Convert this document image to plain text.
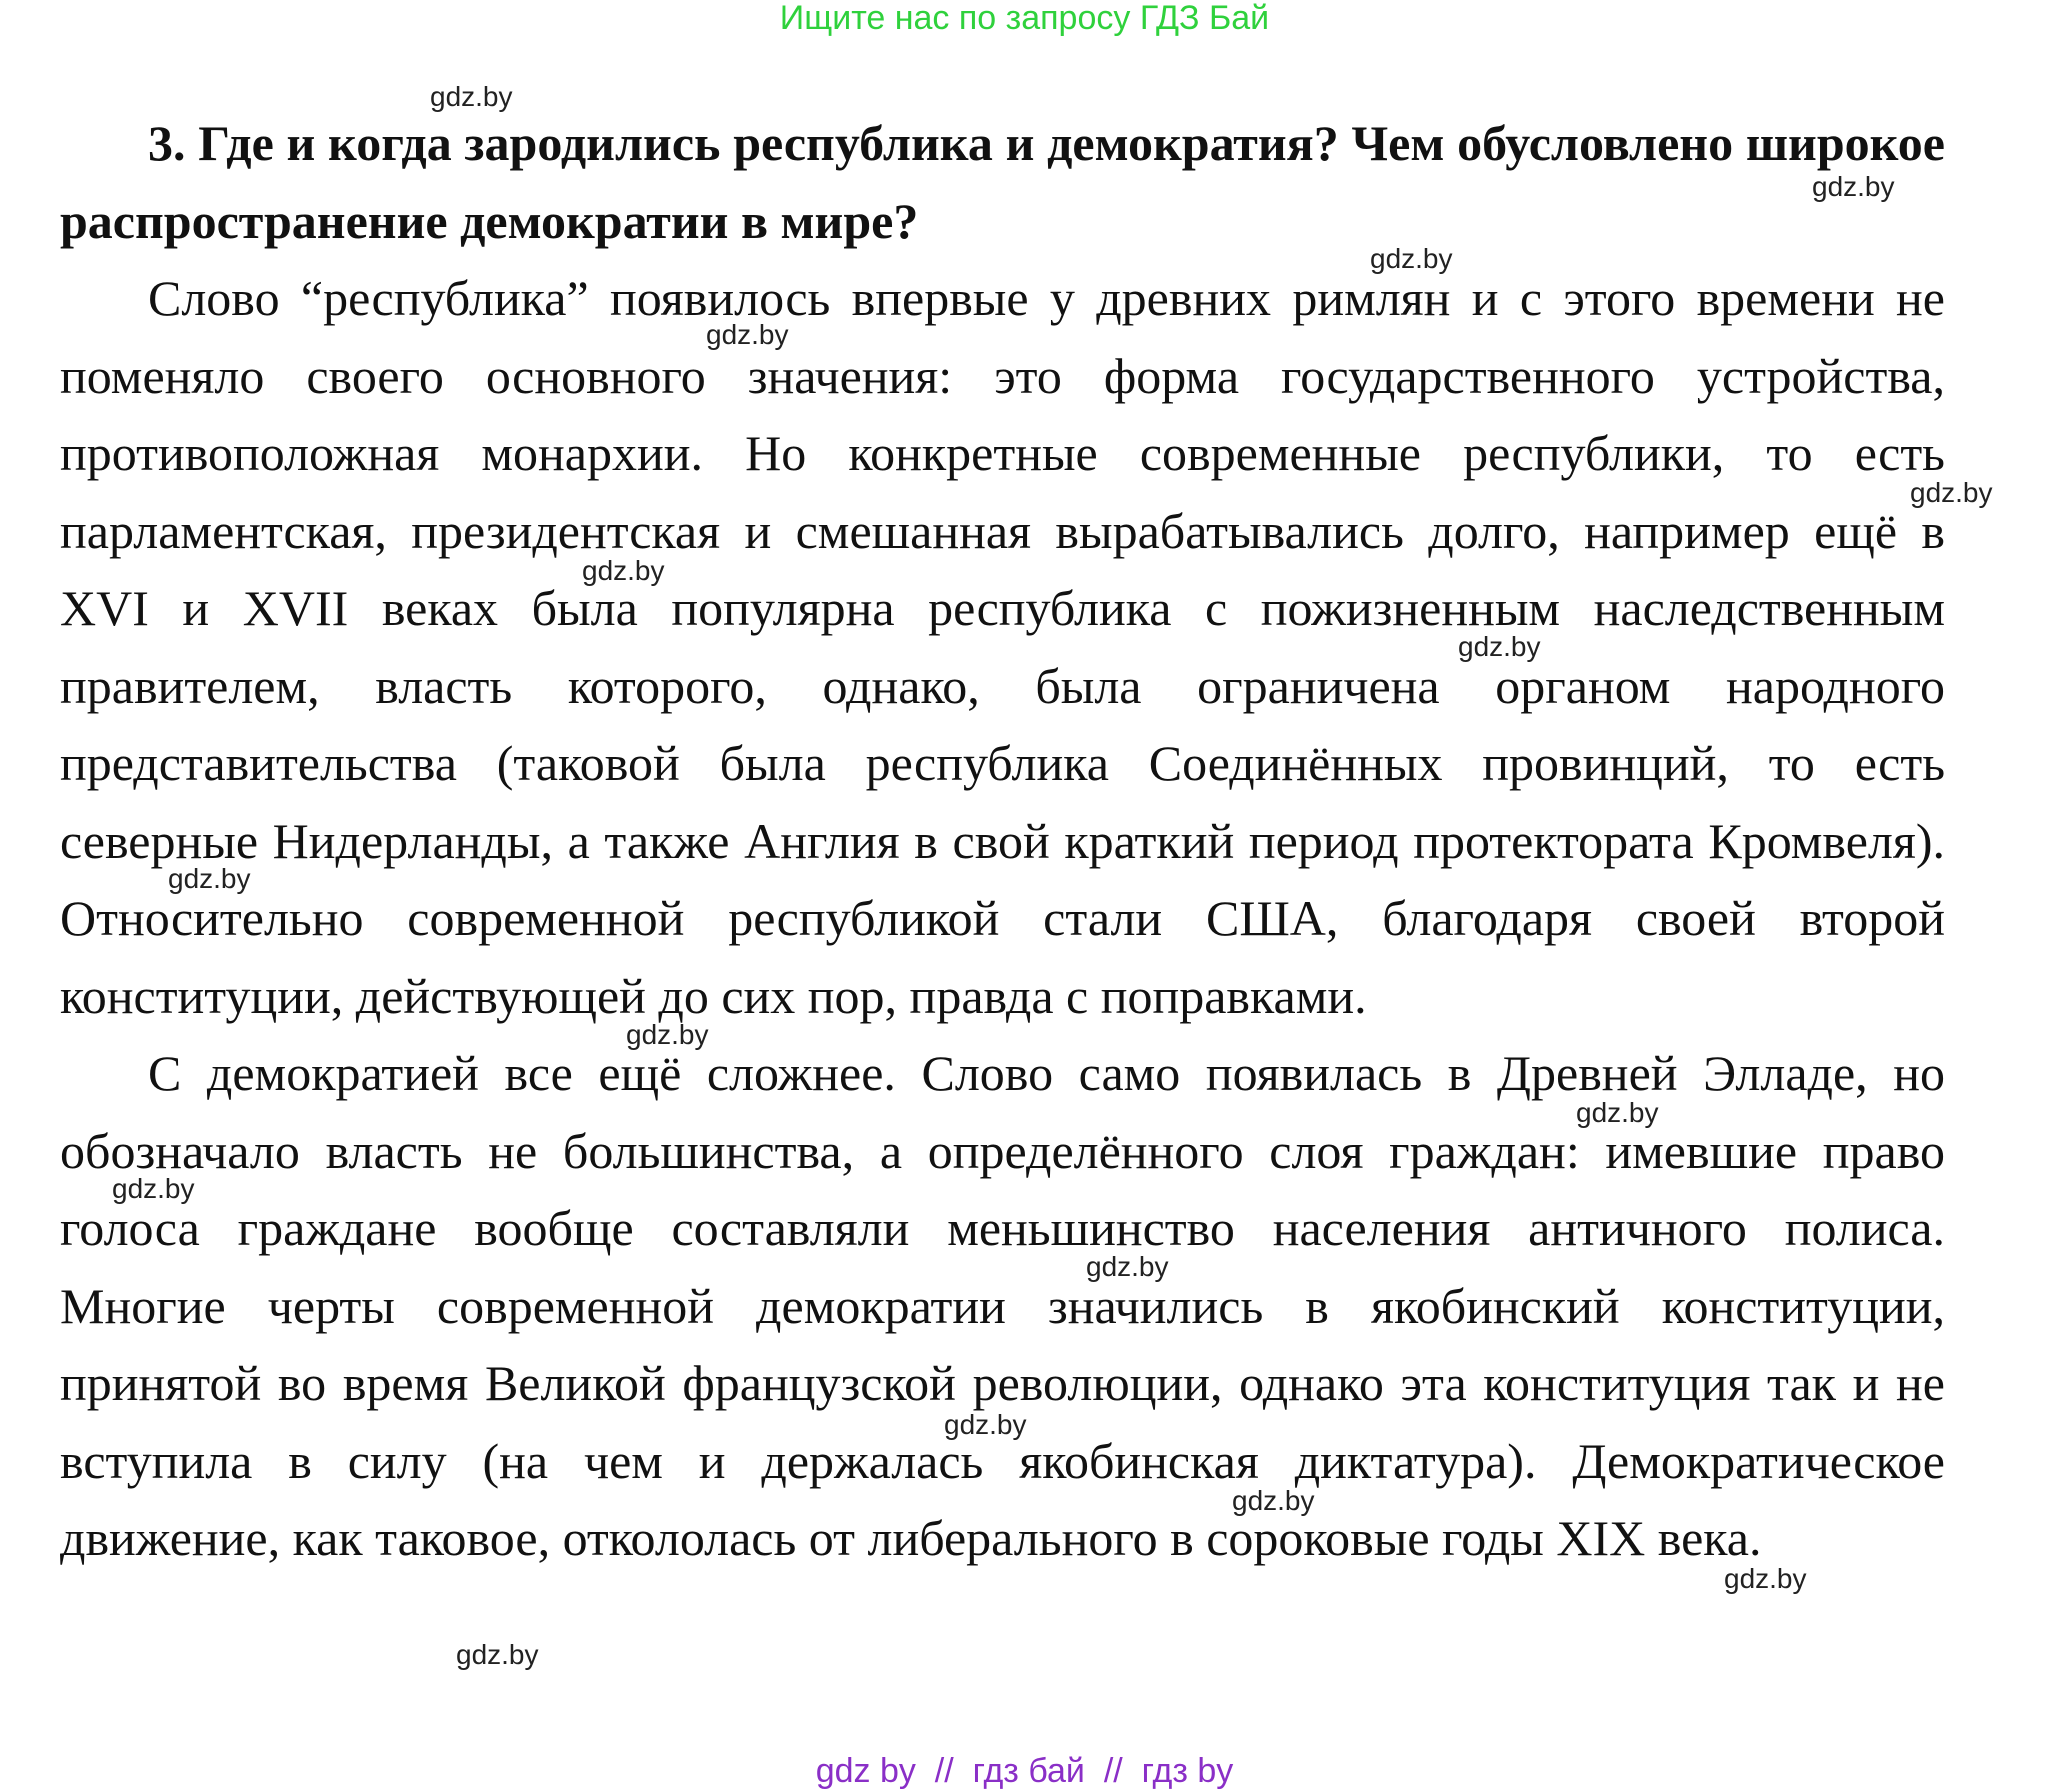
Ищите нас по запросу ГДЗ Бай

3. Где и когда зародились республика и демократия? Чем обусловлено широкое распространение демократии в мире?

Слово “республика” появилось впервые у древних римлян и с этого времени не поменяло своего основного значения: это форма государственного устройства, противоположная монархии. Но конкретные современные республики, то есть парламентская, президентская и смешанная вырабатывались долго, например ещё в XVI и XVII веках была популярна республика с пожизненным наследственным правителем, власть которого, однако, была ограничена органом народного представительства (таковой была республика Соединённых провинций, то есть северные Нидерланды, а также Англия в свой краткий период протектората Кромвеля). Относительно современной республикой стали США, благодаря своей второй конституции, действующей до сих пор, правда с поправками.

С демократией все ещё сложнее. Слово само появилась в Древней Элладе, но обозначало власть не большинства, а определённого слоя граждан: имевшие право голоса граждане вообще составляли меньшинство населения античного полиса. Многие черты современной демократии значились в якобинский конституции, принятой во время Великой французской революции, однако эта конституция так и не вступила в силу (на чем и держалась якобинская диктатура). Демократическое движение, как таковое, откололась от либерального в сороковые годы XIX века.

gdz.by
gdz.by
gdz.by
gdz.by
gdz.by
gdz.by
gdz.by
gdz.by
gdz.by
gdz.by
gdz.by
gdz.by
gdz.by
gdz.by
gdz.by
gdz.by
gdz by  //  гдз бай  //  гдз by
